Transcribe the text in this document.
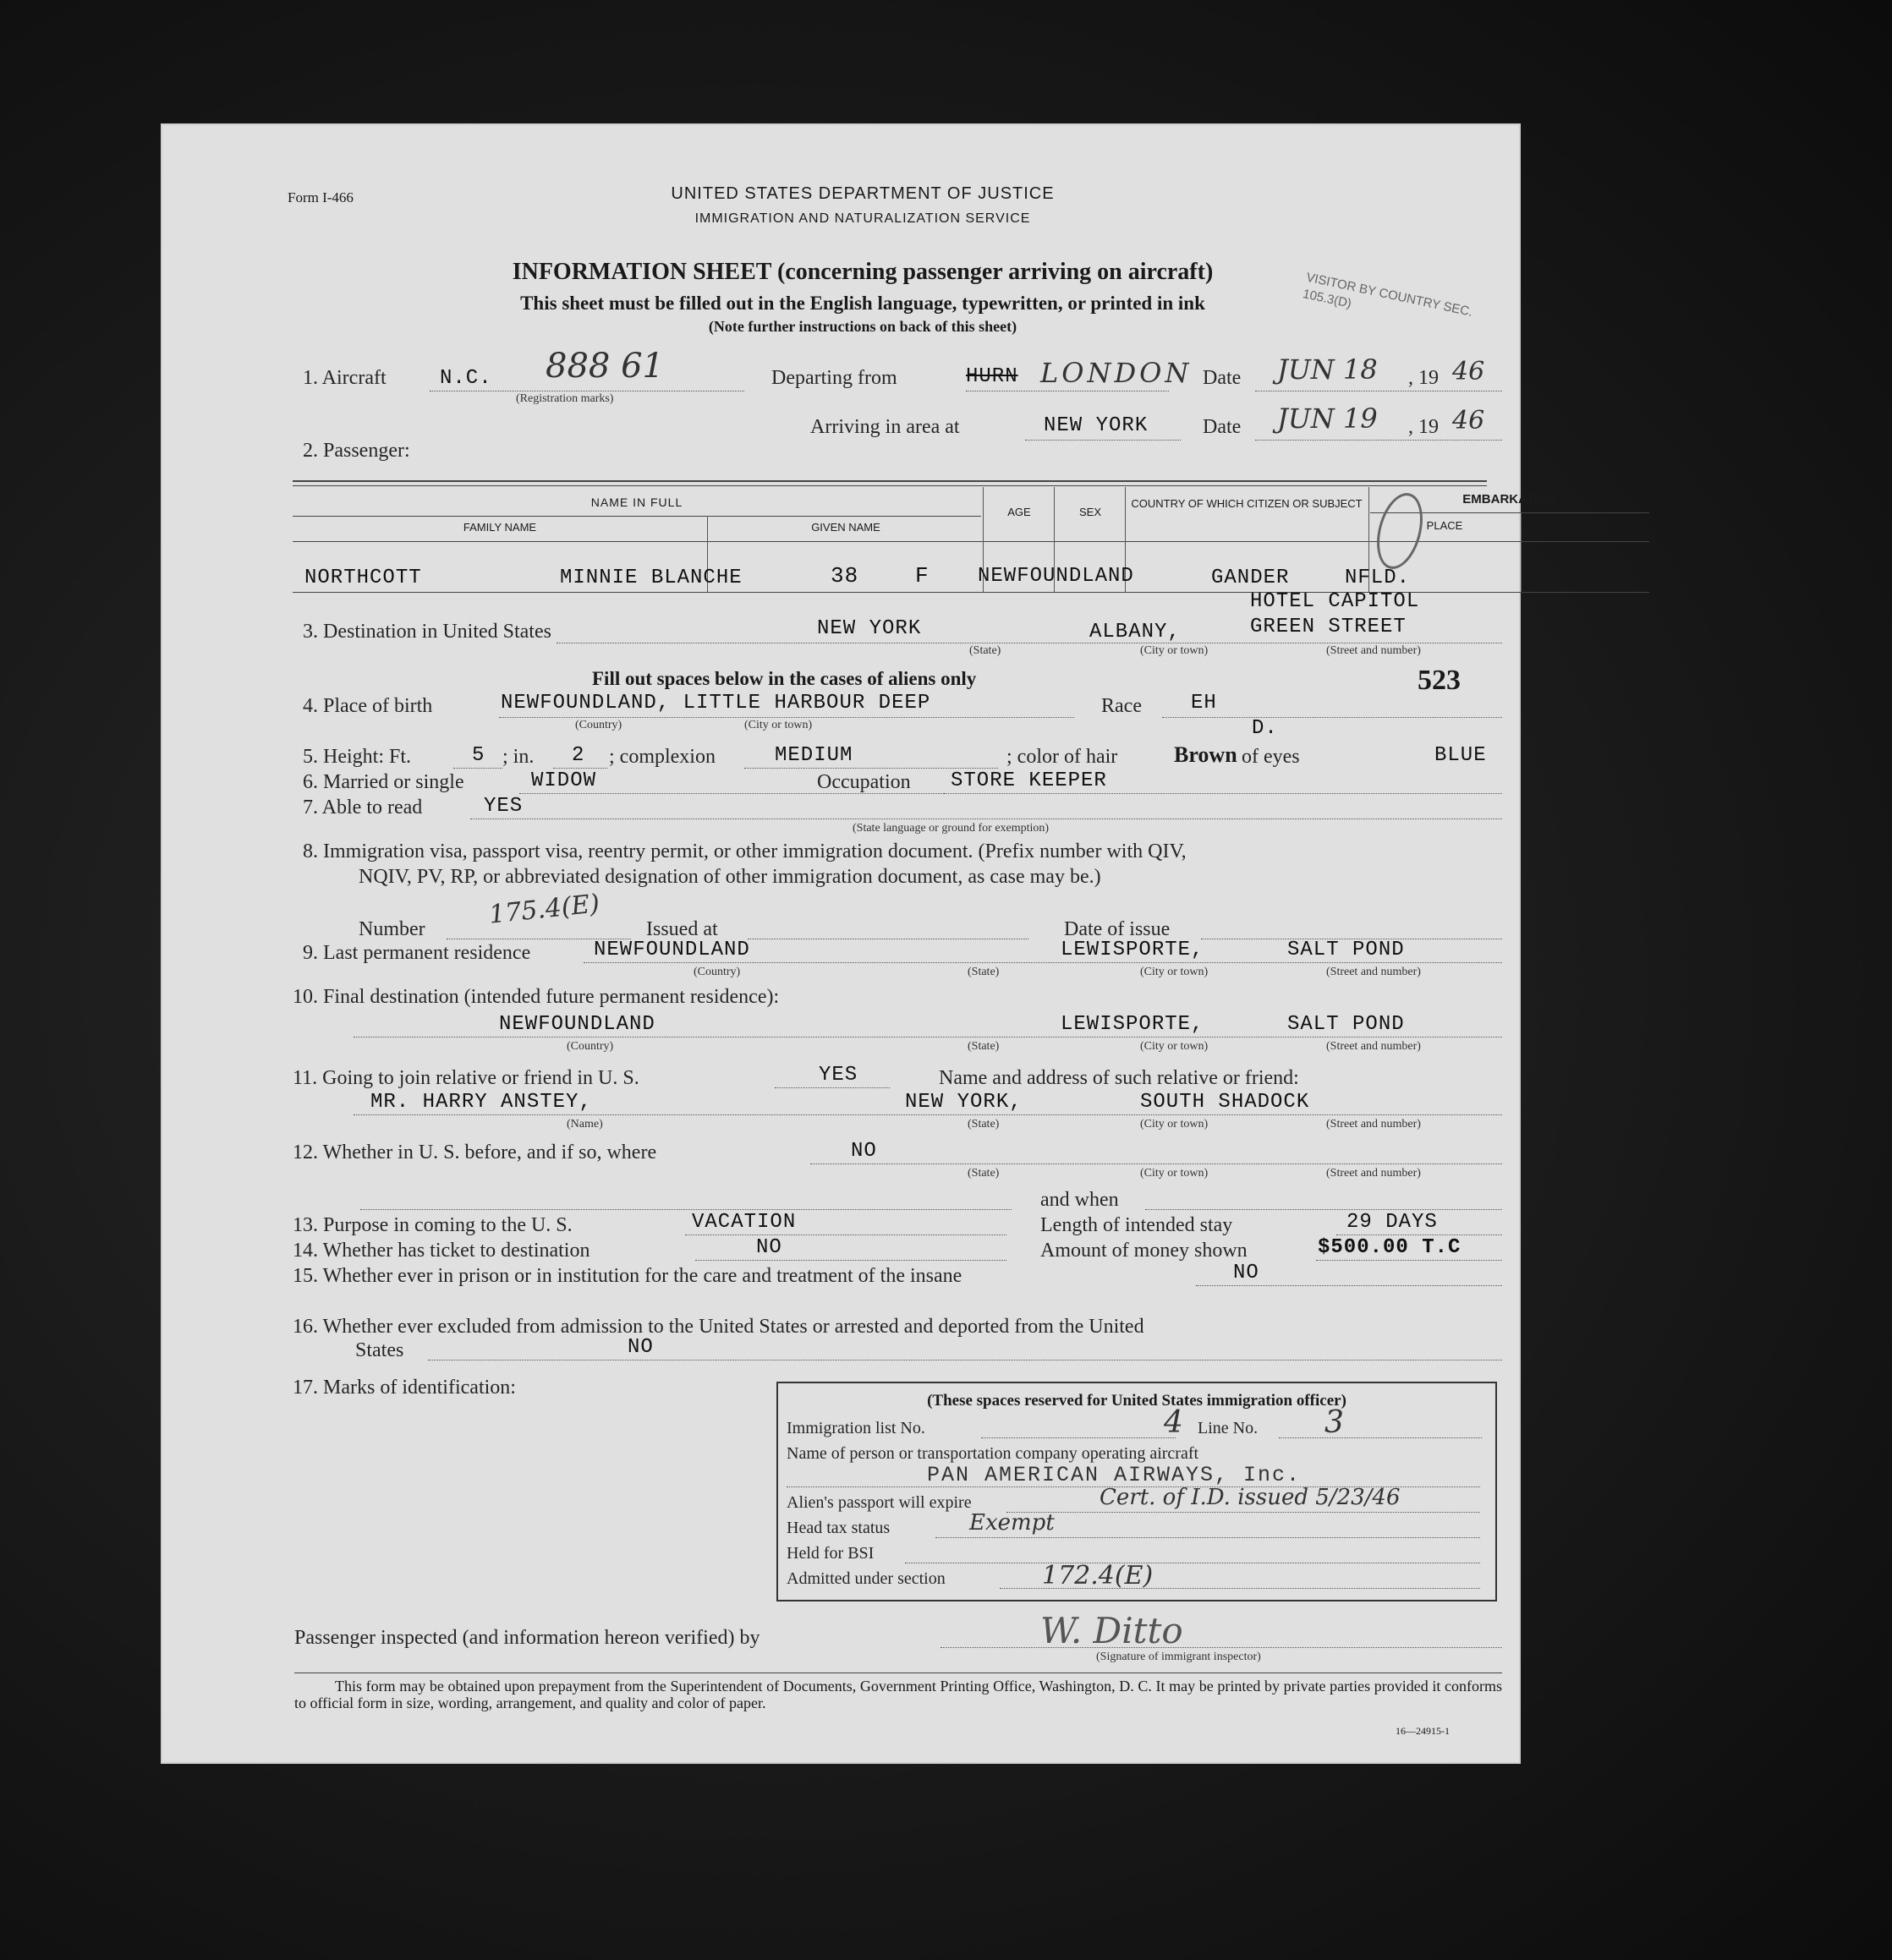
Form I-466	UNITED STATES DEPARTMENT OF JUSTICE
IMMIGRATION AND NATURALIZATION SERVICE
INFORMATION SHEET (concerning passenger arriving on aircraft)
This sheet must be filled out in the English language, typewritten, or printed in ink
(Note further instructions on back of this sheet)
VISITOR BY COUNTRY SEC. 105.3(D)
1. Aircraft	N.C. 888 61
(Registration marks)
Departing from	HURN LONDON Date JUN 18 , 19 46
Arriving in area at	NEW YORK	Date JUN 19 , 19 46
2. Passenger:
NAME IN FULL
FAMILY NAME	GIVEN NAME
AGE	SEX
COUNTRY OF WHICH CITIZEN OR SUBJECT	EMBARKATION
PLACE	COUNTRY
NORTHCOTT	MINNIE BLANCHE	38	F NEWFOUNDLAND	GANDER	NFLD.
3. Destination in United States	NEW YORK	ALBANY,
HOTEL CAPITOL
GREEN STREET
(State)	(City or town)	(Street and number)
Fill out spaces below in the cases of aliens only	523
4. Place of birth	NEWFOUNDLAND, LITTLE HARBOUR DEEP
(Country)	(City or town)
Race EH
D.
5. Height: Ft.	5 ; in. 2 ; complexion	MEDIUM	; color of hair	Brown of eyes	BLUE
6. Married or single	WIDOW	Occupation STORE KEEPER
7. Able to read	YES
(State language or ground for exemption)
8. Immigration visa, passport visa, reentry permit, or other immigration document. (Prefix number with QIV,
NQIV, PV, RP, or abbreviated designation of other immigration document, as case may be.)
Number 175.4(E) Issued at	Date of issue
9. Last permanent residence	NEWFOUNDLAND	LEWISPORTE,	SALT POND
(Country)	(State)	(City or town)	(Street and number)
10. Final destination (intended future permanent residence):
NEWFOUNDLAND	LEWISPORTE,	SALT POND
(Country)	(State)	(City or town)	(Street and number)
11. Going to join relative or friend in U. S.	YES	Name and address of such relative or friend:
MR. HARRY ANSTEY,	NEW YORK,	SOUTH SHADOCK
(Name)	(State)	(City or town)	(Street and number)
12. Whether in U. S. before, and if so, where	NO
(State)	(City or town)	(Street and number)
and when
13. Purpose in coming to the U. S.	VACATION	Length of intended stay	29 DAYS
14. Whether has ticket to destination	NO	Amount of money shown	$500.00 T.C
15. Whether ever in prison or in institution for the care and treatment of the insane	NO
16. Whether ever excluded from admission to the United States or arrested and deported from the United
States	NO
17. Marks of identification:
(These spaces reserved for United States immigration officer)
Immigration list No.	4 Line No. 3
Name of person or transportation company operating aircraft
PAN AMERICAN AIRWAYS, Inc.
Alien's passport will expire	Cert. of I.D. issued 5/23/46
Head tax status	Exempt
Held for BSI
Admitted under section	172.4(E)
Passenger inspected (and information hereon verified) by	W. Ditto
(Signature of immigrant inspector)
This form may be obtained upon prepayment from the Superintendent of Documents, Government Printing Office, Washington, D. C. It may be printed by private parties provided it conforms to official form in size, wording, arrangement, and quality and color of paper.
16—24915-1
